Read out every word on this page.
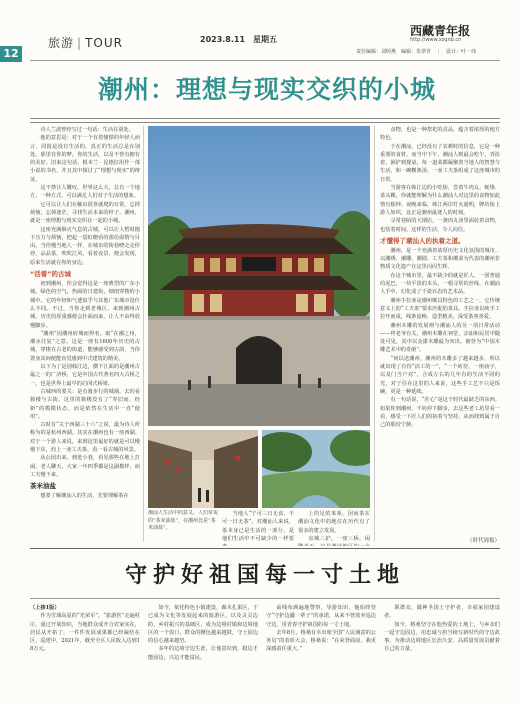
12
旅游 | TOUR	2023.8.11　星期五
西藏青年报
http://www.xzqnb.cn
责任编辑：刘婷燕　编辑：朱翠青　｜　设计：叶一玮
潮州：理想与现实交织的小城

诗人兰波曾经写过一句话：生活在别处。

他的意思是：对于一个有着憧憬的年轻人而言，周围是没有生活的。真正的生活总是在别处。那里有你的梦，你的生活，以及不曾有拥有的美好。旧来这句话，根本兰 · 昆德拉用作一部小说的书名，并且其中探讨了“理想与现实”的辩证。

这不禁让人慨叹，世界这么大，总有一个地方，一种方式，可以满足人们对于生活的想象。

它可以让人们在触出很喜就爬的日常，忘掉烦恼，忘掉迷茫，寻找生活本来的样子。潮州，就是一座理想与现实交织在一起的小城。

这座充满烟火气息的古城，可以让人暂时抛下压力与烦恼，把起一袋盯瞪看的那份温情与目由。当你慢当地人一样，在城市的街巷晓走走停停，品品茶，吹吹江风，看着夜景，便会发现，原来生活就在你的身边。

“活着”的古城

初到潮州，你会觉得这是一座典型的广东小城。绿色的空气，热闹的日建街，细雨穿梭的小城中。它的年轻和气透似乎与其他广东城市没什么不同。不过，当你走到老城区，来到潮州古城，历史的厚重感便会扑面而来，让人不由得放慢脚步。

“潮州”因潮州府城而得名。取“在潮之州，潮水往复”之意。这是一座有1600年历史的古城，穿梭在古老的街道，能够感受到古韵，当你置身其间便能直觉感到中式建筑的精美。

以下为了是别韩江边，横下江面的是潮州古最之一的广济桥，它是中国古代著名四大古桥之一，也是世界上最早的启闭式桥梁。

古城西的要关：是有骑步行的城墙，去的看骑楼与古街。这里的骑楼没有了“寿旧而，经新”的模模状态，而是依然在生活中一直“使用”。

古时有“关于西湖三十六”之说，最为诗人所称为的是杭州西湖。其实在潮州也有一座西湖。对于一个游人来说，来到这里最好的就是可以慢慢下东，泡上一壶工夫茶，看一看古城的风景。

从公园出来，到迸小巷，看见那些在地上打闹、老人聊天，大家一年四季都是这副模样，而工夫慢下来。

茶米油盐

想要了解潮汕人的生活，先要理解茶在

潮汕人生活中的意义。人们常说的“茶米油盐”，在潮州比是“茶米油盐”。

当地人“宁可三日无食，不可一日无茶”，对潮汕人来说，茶本身已是生活的一部分，是他们生活中不可缺少的一样要

上的足的苯系，因而茶在潮汕文化中的地位在历代有了很多的建立发展。

东城三护，一座三桥，闲

食物，也是一种祭祀的贡品，蕴含着浓厚的地方特色。

于在潮汕，已经没有了农耕时的信息，它是一种重要的食材，而当中下午，潮汕人则最会吃午，青沿着，锅铲到餐桌，每一道菜都凝聚着当地人的智慧与生活，和一碗粿条汤、一壶工夫茶组成了这座城市的日常。

当游客在韩江边的小吃街，尝着牛肉丸、蚝烙、菜头粿，你就能理解为什么潮汕人对这里的食物如此情有独钟。夜晚来临，韩江两岸灯火通明，牌坊街上游人如织，这正是潮州最迷人的时刻。

寻常巷陌的大钢店，一盏肉丸汤里面装着食物，也装着时间。这样的生活，令人向往。

才懂得了潮汕人的执着之道。

潮州，是一个充满着浓厚历史文化氛围的城市。以潮绣、潮雕、潮剧、工夫茶和潮菜为代表的潮州非物质文化遗产在这里闪闪生辉。

在这个城市里，最不缺少的就是匠人，一团普通的泥巴，一块平淡的木头，一根寻常的丝线，在潮汕人手中，幻化成了千姿百态的艺术品。

潮州手拉壶是潮州颇具特色的工艺之一，它传统意义上的“工夫茶”要求匹配的茶具。手拉壶以纯手工拉坯而成，线条流畅，造型精美，深受茶客喜爱。

潮州木雕的发展则与潮汕人的另一项日常活动——拜老爷有关。潮州木雕在祠堂、宗庙和民居中随处可见，其中以金漆木雕最为突出，被誉为“中国木雕艺术中的奇葩”。

“何以送潮州，潮州的木雕多了越来越多，所以就出现了有待“活工的一”，“一个砖窑，一座庙宇，以及门当户对”，合成左右的几年有的生活不同的光，对于住在这里的人来说，这些手工艺不只是饭碗，更是一种延续。

有一句话说，“匠心”是这个时代最缺乏的东西。如果你到潮州，不妨停下脚步，去这些老工坊里看一看，感受一下匠人们的执着与坚持，从而找到属于自己的那份宁静。

（时代周报）
守护好祖国每一寸土地
（上接1版）

作为雪域高原的“光荣军”，“旅游医”走遍村庄，通过开展知识，当地群众成开合农家实在，居民从开拓了，一件件发展成果都已经凝结在区，巡逻中，2021年，截至全区人民收入达到18万元。

如今，依托特色小镇建设，森木扎果区，于已成为文化等发展起来的旅游区，以及灵灵边防，乡村振兴的基础区，成为边境村镇和边境地区的一个窗口，群众的腰包越来越鼓，守土固边的信心越来越坚。

多年的边境守边生涯，让他意识到，稳边才能固边，兴边才能富民。

前线布满遍地警察，导游知识，他始终坚守“守护边疆一辈子”的承诺，从来不曾放弃巡边守边，用青春守护祖国的每一寸土地。

去年8月，格桑有幸出席全国“人民满意的公务员”的表彰大会，格桑说：“在荣誉面前，我更深感责任重大。”

职群众，做神圣国土守护者，幸福家园建设者。

如今，格桑坚守在他热爱的土地上，与乡亲们一起守边固边，用忠诚与担当续写新时代的守边故事，为推动边境地区长治久安、高质量发展贡献着自己的力量。
